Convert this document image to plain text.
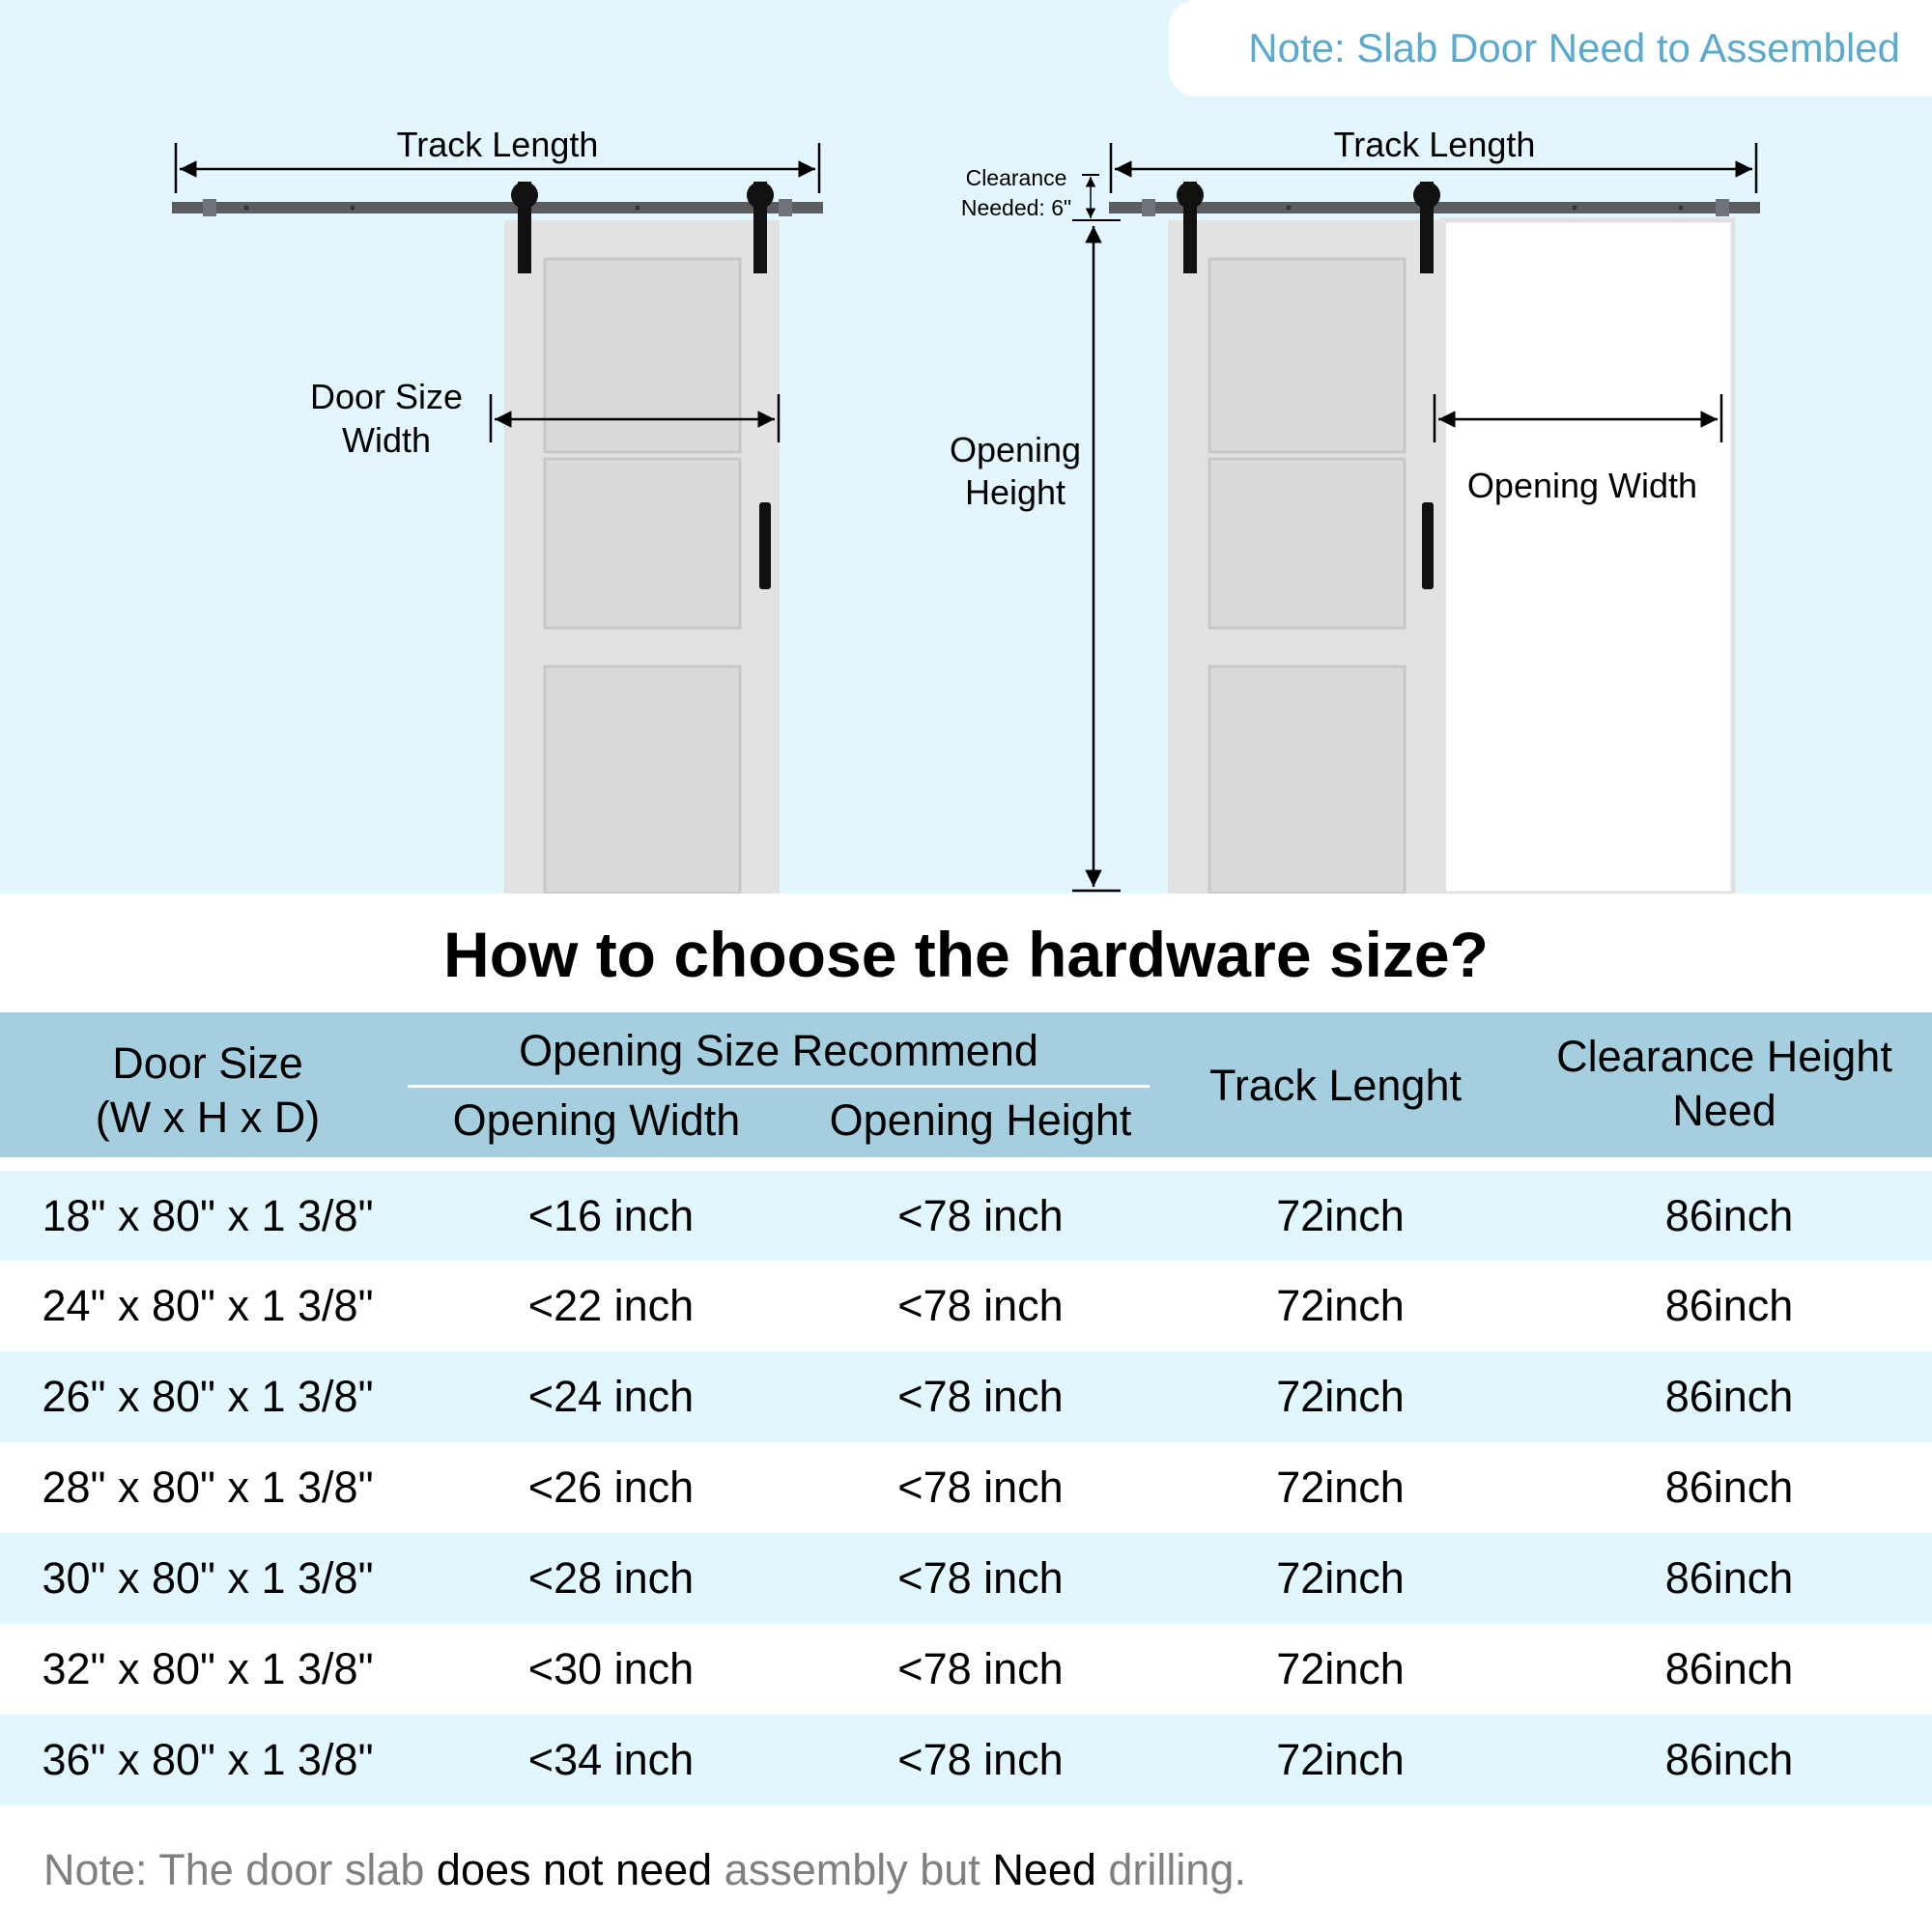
Track Length
Door Size
Width
Track Length
Clearance
Needed: 6"
Opening
Height	Opening Width
Note: Slab Door Need to Assembled
How to choose the hardware size?
Door Size
(W x H x D)
Opening Size Recommend
Opening Width	Opening Height
Track Lenght
Clearance Height
Need
18" x 80" x 1 3/8"	<16 inch	<78 inch	72inch	86inch
24" x 80" x 1 3/8"	<22 inch	<78 inch	72inch	86inch
26" x 80" x 1 3/8"	<24 inch	<78 inch	72inch	86inch
28" x 80" x 1 3/8"	<26 inch	<78 inch	72inch	86inch
30" x 80" x 1 3/8"	<28 inch	<78 inch	72inch	86inch
32" x 80" x 1 3/8"	<30 inch	<78 inch	72inch	86inch
36" x 80" x 1 3/8"	<34 inch	<78 inch	72inch	86inch
Note: The door slab does not need assembly but Need drilling.
